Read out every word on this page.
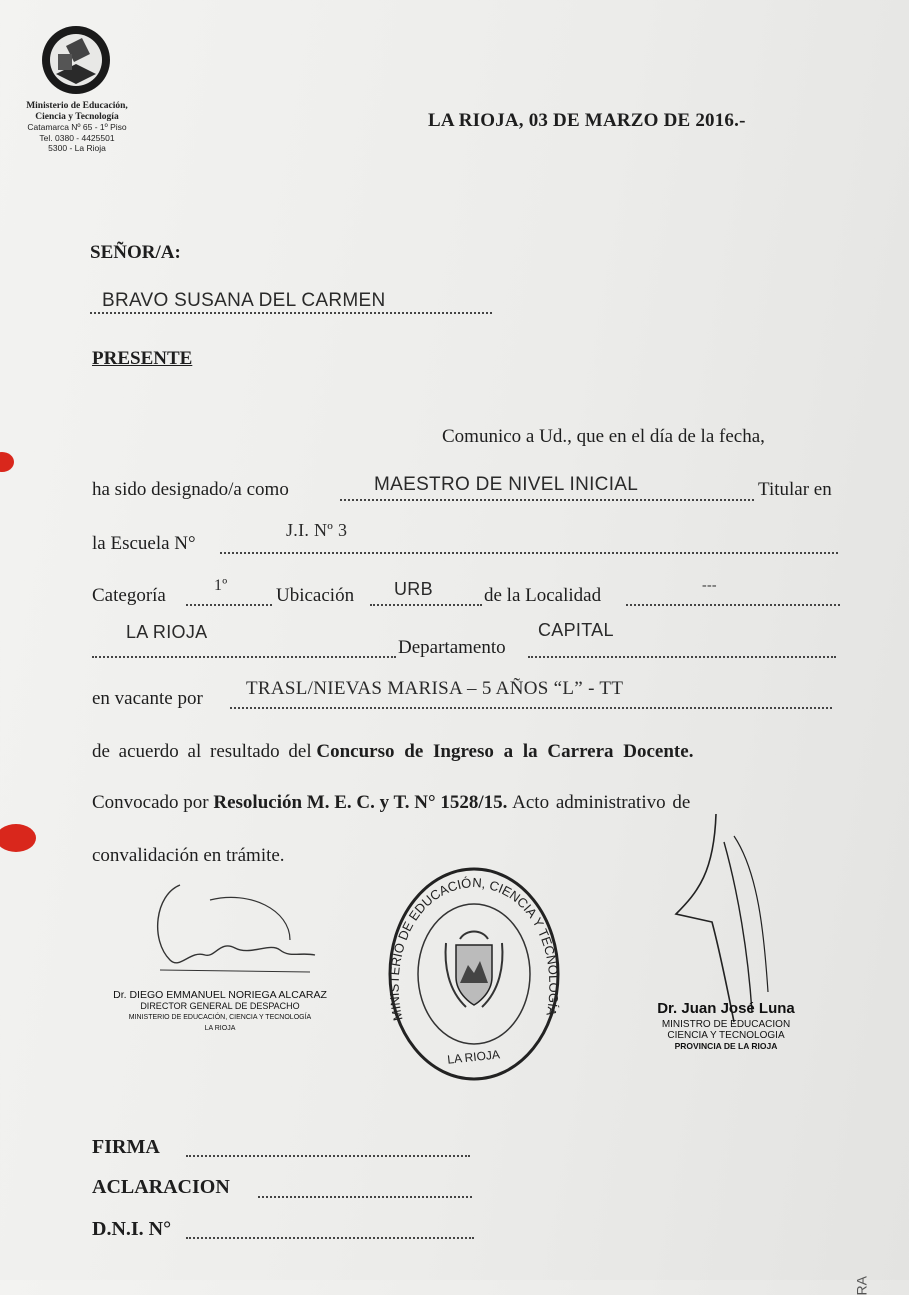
Ministerio de Educación,
Ciencia y Tecnología
Catamarca Nº 65 - 1º Piso
Tel. 0380 - 4425501
5300 - La Rioja
LA RIOJA, 03 DE MARZO DE 2016.-
SEÑOR/A:
BRAVO SUSANA DEL CARMEN
PRESENTE
Comunico a Ud., que en el día de la fecha,
ha sido designado/a como	MAESTRO DE NIVEL INICIAL	Titular en
la Escuela N°
J.I. Nº 3
Categoría	1º	Ubicación URB	de la Localidad	---
LA RIOJA
Departamento
CAPITAL
en vacante por TRASL/NIEVAS MARISA – 5 AÑOS “L” - TT
de acuerdo al resultado del Concurso de Ingreso a la Carrera Docente.
Convocado por Resolución M. E. C. y T. N° 1528/15. Acto administrativo de
convalidación en trámite.
Dr. DIEGO EMMANUEL NORIEGA ALCARAZ
DIRECTOR GENERAL DE DESPACHO
MINISTERIO DE EDUCACIÓN, CIENCIA Y TECNOLOGÍA
LA RIOJA
MINISTERIO DE EDUCACIÓN, CIENCIA Y TECNOLOGÍA
LA RIOJA
Dr. Juan José Luna
MINISTRO DE EDUCACION
CIENCIA Y TECNOLOGIA
PROVINCIA DE LA RIOJA
FIRMA
ACLARACION
D.N.I. N°
RA
